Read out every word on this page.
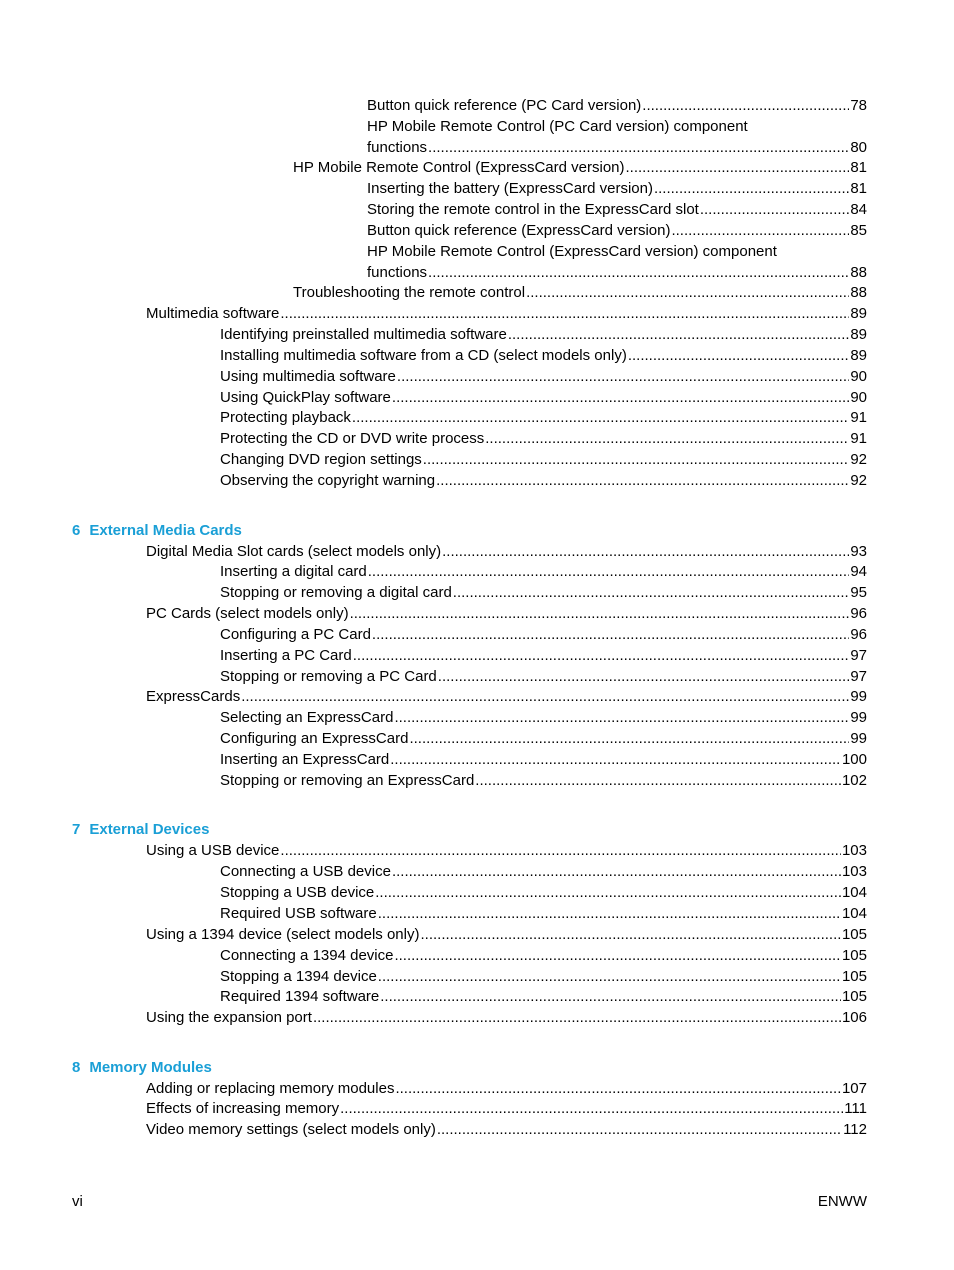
Button quick reference (PC Card version) .....	78
HP Mobile Remote Control (PC Card version) component
functions .....	80
HP Mobile Remote Control (ExpressCard version) .....	81
Inserting the battery (ExpressCard version) .....	81
Storing the remote control in the ExpressCard slot .....	84
Button quick reference (ExpressCard version) .....	85
HP Mobile Remote Control (ExpressCard version) component
functions .....	88
Troubleshooting the remote control .....	88
Multimedia software .....	89
Identifying preinstalled multimedia software .....	89
Installing multimedia software from a CD (select models only) .....	89
Using multimedia software .....	90
Using QuickPlay software .....	90
Protecting playback .....	91
Protecting the CD or DVD write process .....	91
Changing DVD region settings .....	92
Observing the copyright warning .....	92
6 External Media Cards
Digital Media Slot cards (select models only) .....	93
Inserting a digital card .....	94
Stopping or removing a digital card .....	95
PC Cards (select models only) .....	96
Configuring a PC Card .....	96
Inserting a PC Card .....	97
Stopping or removing a PC Card .....	97
ExpressCards .....	99
Selecting an ExpressCard .....	99
Configuring an ExpressCard .....	99
Inserting an ExpressCard .....	100
Stopping or removing an ExpressCard .....	102
7 External Devices
Using a USB device .....	103
Connecting a USB device .....	103
Stopping a USB device .....	104
Required USB software .....	104
Using a 1394 device (select models only) .....	105
Connecting a 1394 device .....	105
Stopping a 1394 device .....	105
Required 1394 software .....	105
Using the expansion port .....	106
8 Memory Modules
Adding or replacing memory modules .....	107
Effects of increasing memory .....	111
Video memory settings (select models only) .....	112
vi	ENWW
